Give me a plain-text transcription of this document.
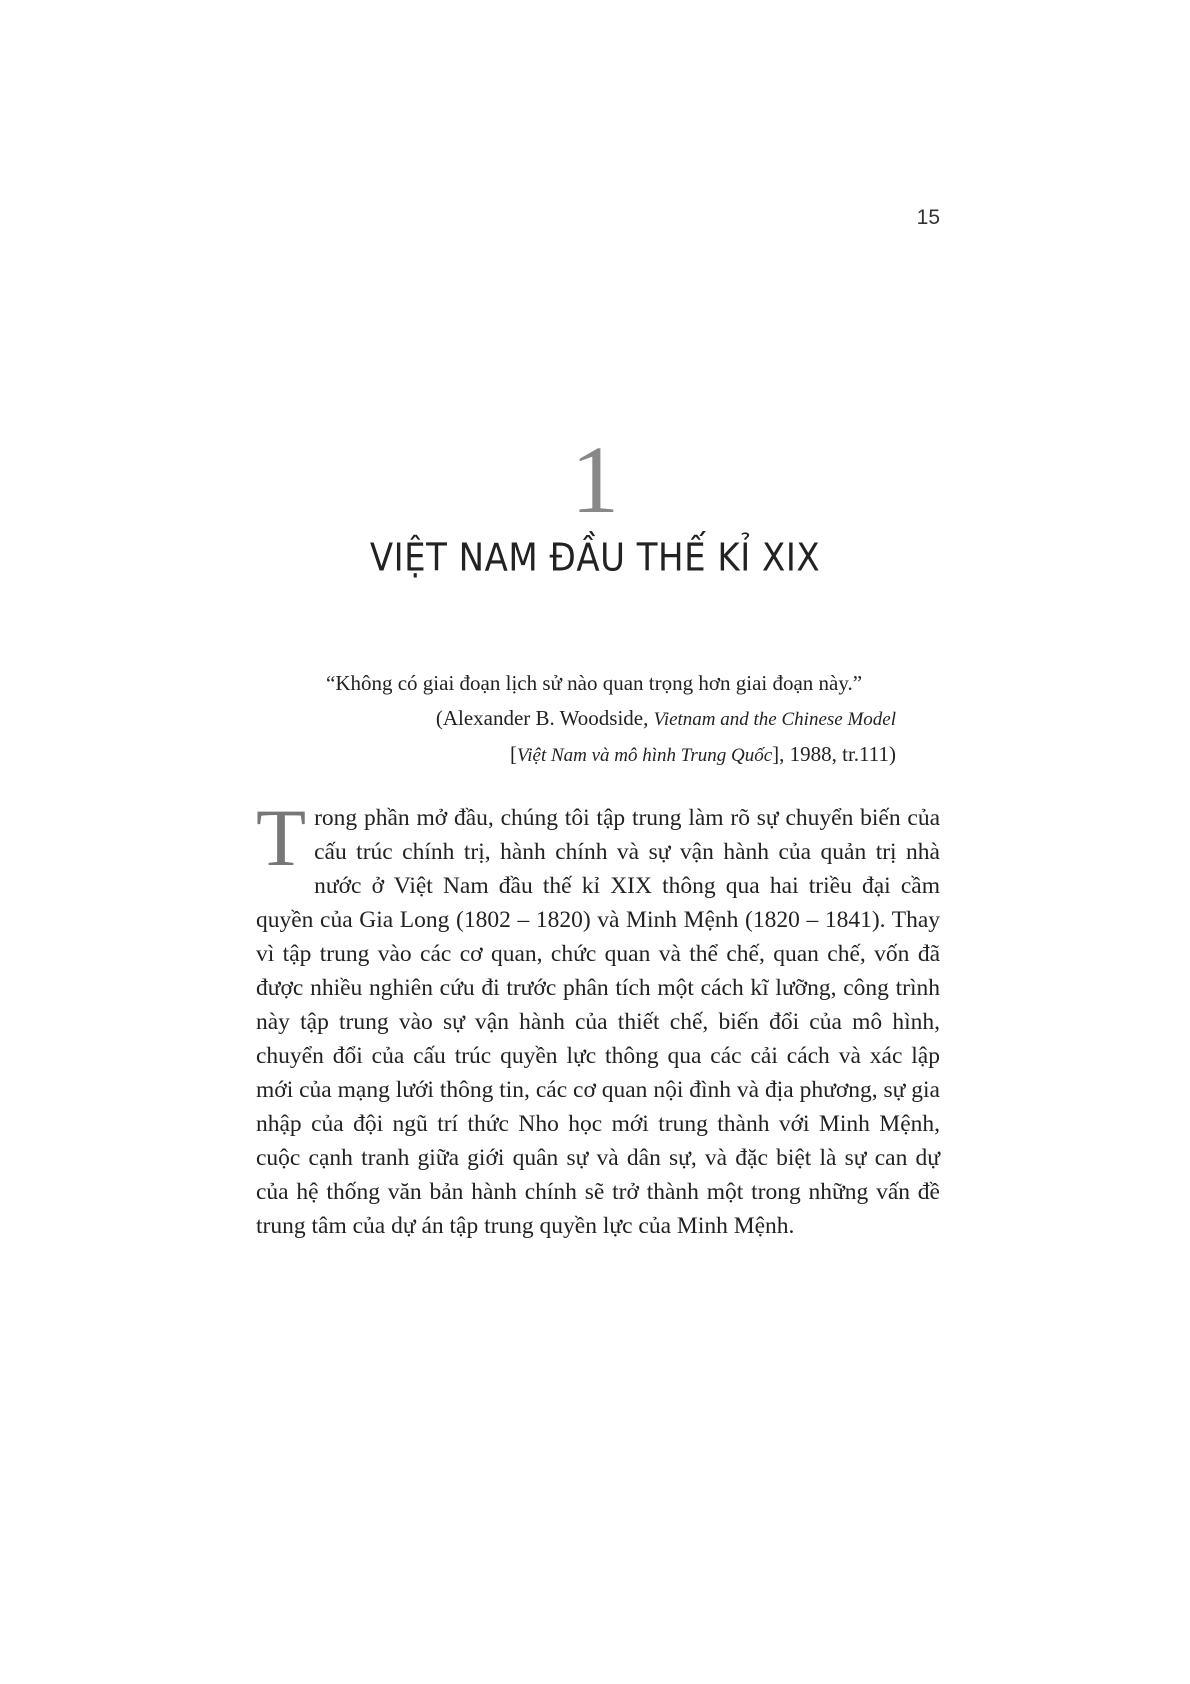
15
1
VIỆT NAM ĐẦU THẾ KỈ XIX
“Không có giai đoạn lịch sử nào quan trọng hơn giai đoạn này.”
(Alexander B. Woodside, Vietnam and the Chinese Model
[Việt Nam và mô hình Trung Quốc], 1988, tr.111)
Trong phần mở đầu, chúng tôi tập trung làm rõ sự chuyển biến của cấu trúc chính trị, hành chính và sự vận hành của quản trị nhà nước ở Việt Nam đầu thế kỉ XIX thông qua hai triều đại cầm quyền của Gia Long (1802 – 1820) và Minh Mệnh (1820 – 1841). Thay vì tập trung vào các cơ quan, chức quan và thể chế, quan chế, vốn đã được nhiều nghiên cứu đi trước phân tích một cách kĩ lưỡng, công trình này tập trung vào sự vận hành của thiết chế, biến đổi của mô hình, chuyển đổi của cấu trúc quyền lực thông qua các cải cách và xác lập mới của mạng lưới thông tin, các cơ quan nội đình và địa phương, sự gia nhập của đội ngũ trí thức Nho học mới trung thành với Minh Mệnh, cuộc cạnh tranh giữa giới quân sự và dân sự, và đặc biệt là sự can dự của hệ thống văn bản hành chính sẽ trở thành một trong những vấn đề trung tâm của dự án tập trung quyền lực của Minh Mệnh.
